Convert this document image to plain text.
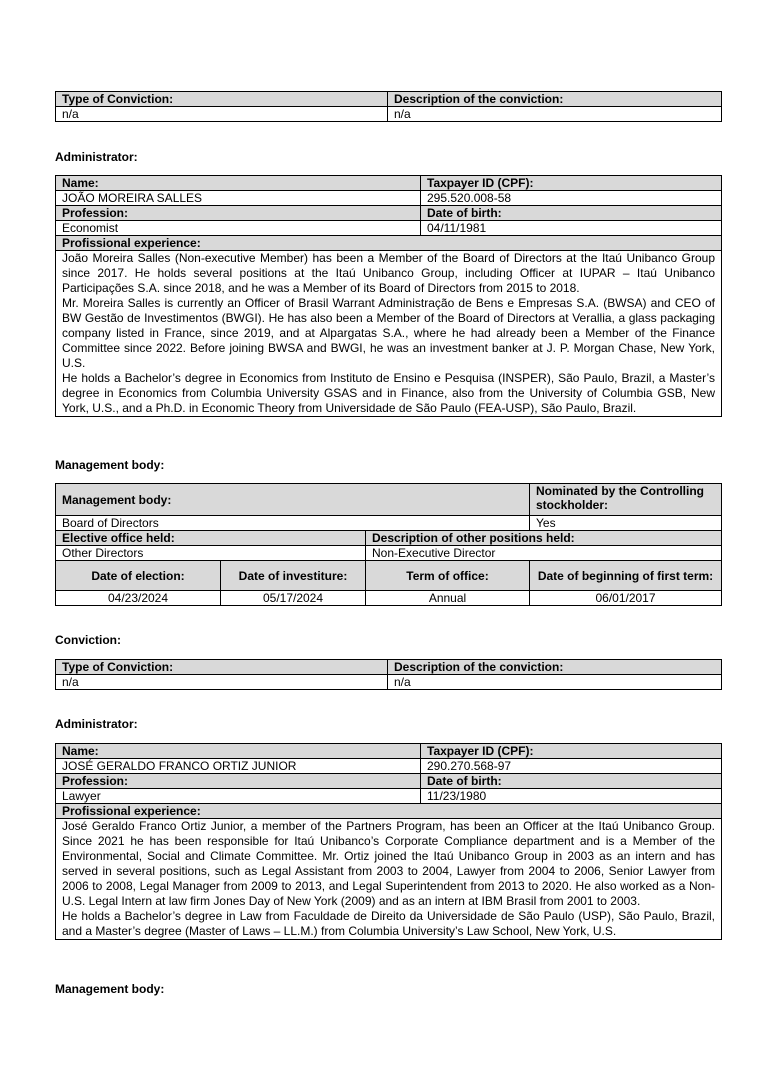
Type of Conviction:	Description of the conviction:
n/a	n/a
Administrator:
Name:	Taxpayer ID (CPF):
JOÃO MOREIRA SALLES	295.520.008-58
Profession:	Date of birth:
Economist	04/11/1981
Profissional experience:	

João Moreira Salles (Non-executive Member) has been a Member of the Board of Directors at the Itaú Unibanco Group since 2017. He holds several positions at the Itaú Unibanco Group, including Officer at IUPAR – Itaú Unibanco Participações S.A. since 2018, and he was a Member of its Board of Directors from 2015 to 2018.
Mr. Moreira Salles is currently an Officer of Brasil Warrant Administração de Bens e Empresas S.A. (BWSA) and CEO of BW Gestão de Investimentos (BWGI). He has also been a Member of the Board of Directors at Verallia, a glass packaging company listed in France, since 2019, and at Alpargatas S.A., where he had already been a Member of the Finance Committee since 2022. Before joining BWSA and BWGI, he was an investment banker at J. P. Morgan Chase, New York, U.S.
He holds a Bachelor’s degree in Economics from Instituto de Ensino e Pesquisa (INSPER), São Paulo, Brazil, a Master’s degree in Economics from Columbia University GSAS and in Finance, also from the University of Columbia GSB, New York, U.S., and a Ph.D. in Economic Theory from Universidade de São Paulo (FEA-USP), São Paulo, Brazil.	
Management body:
Management body:			Nominated by the Controlling stockholder:
Board of Directors			Yes
Elective office held:		Description of other positions held:	
Other Directors		Non-Executive Director	
Date of election:	Date of investiture:	Term of office:	Date of beginning of first term:
04/23/2024	05/17/2024	Annual	06/01/2017
Conviction:
Type of Conviction:	Description of the conviction:
n/a	n/a
Administrator:
Name:	Taxpayer ID (CPF):
JOSÉ GERALDO FRANCO ORTIZ JUNIOR	290.270.568-97
Profession:	Date of birth:
Lawyer	11/23/1980
Profissional experience:	

José Geraldo Franco Ortiz Junior, a member of the Partners Program, has been an Officer at the Itaú Unibanco Group. Since 2021 he has been responsible for Itaú Unibanco’s Corporate Compliance department and is a Member of the Environmental, Social and Climate Committee. Mr. Ortiz joined the Itaú Unibanco Group in 2003 as an intern and has served in several positions, such as Legal Assistant from 2003 to 2004, Lawyer from 2004 to 2006, Senior Lawyer from 2006 to 2008, Legal Manager from 2009 to 2013, and Legal Superintendent from 2013 to 2020. He also worked as a Non-U.S. Legal Intern at law firm Jones Day of New York (2009) and as an intern at IBM Brasil from 2001 to 2003.
He holds a Bachelor’s degree in Law from Faculdade de Direito da Universidade de São Paulo (USP), São Paulo, Brazil, and a Master’s degree (Master of Laws – LL.M.) from Columbia University’s Law School, New York, U.S.	
Management body:
